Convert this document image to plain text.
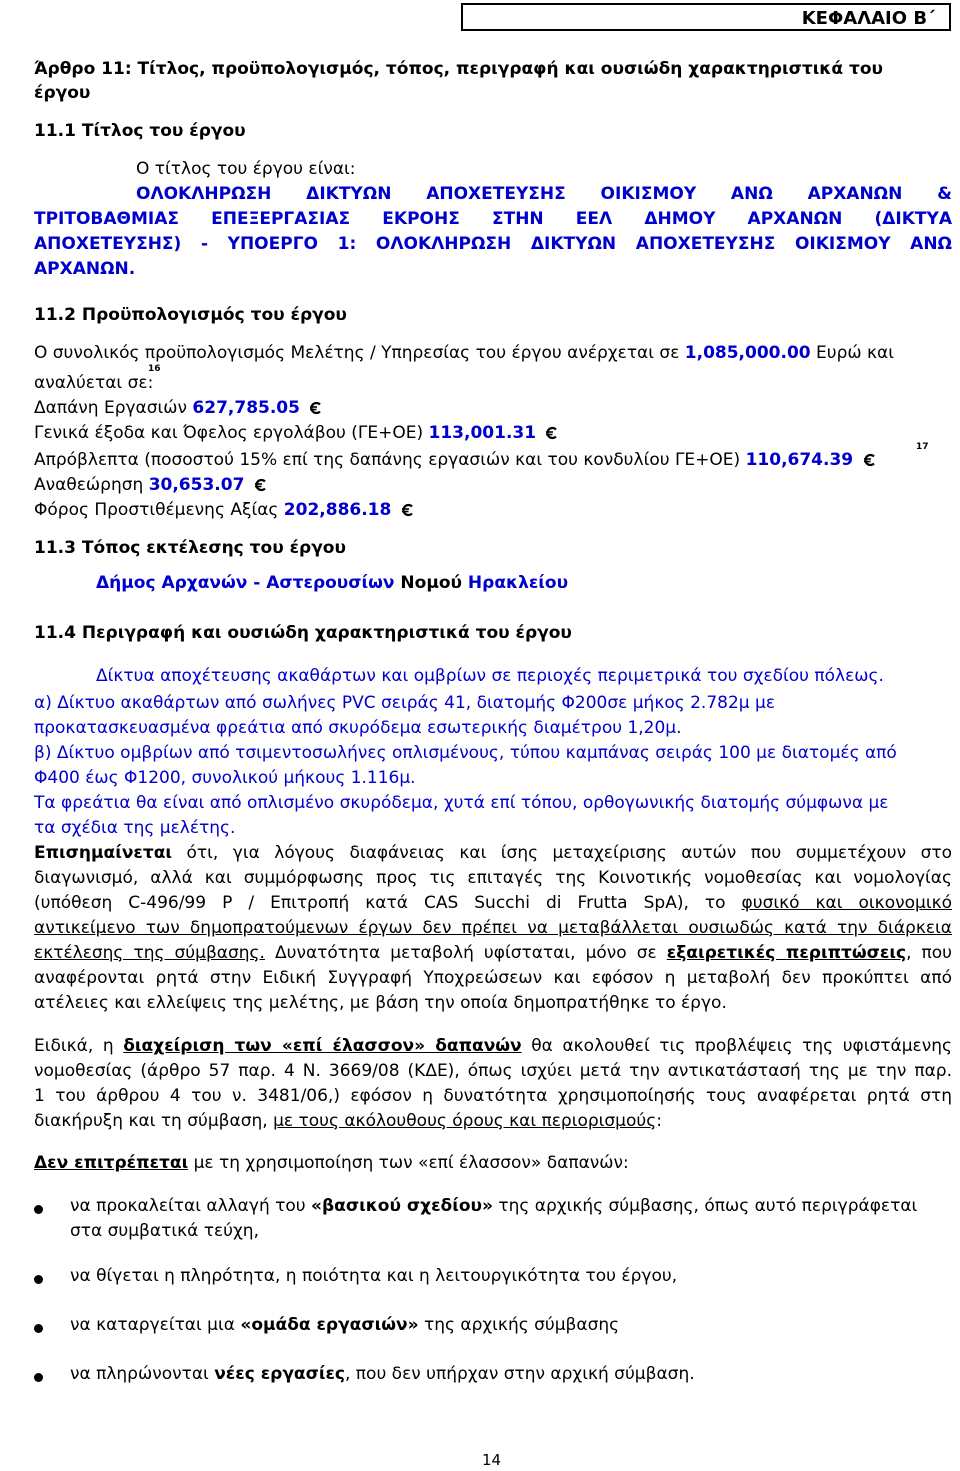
ΚΕΦΑΛΑΙΟ Β΄
Άρθρο 11: Τίτλος, προϋπολογισμός, τόπος, περιγραφή και ουσιώδη χαρακτηριστικά του
έργου
11.1 Τίτλος του έργου
Ο τίτλος του έργου είναι:
ΟΛΟΚΛΗΡΩΣΗ ΔΙΚΤΥΩΝ ΑΠΟΧΕΤΕΥΣΗΣ ΟΙΚΙΣΜΟΥ ΑΝΩ ΑΡΧΑΝΩΝ &
ΤΡΙΤΟΒΑΘΜΙΑΣ ΕΠΕΞΕΡΓΑΣΙΑΣ ΕΚΡΟΗΣ ΣΤΗΝ ΕΕΛ ΔΗΜΟΥ ΑΡΧΑΝΩΝ (ΔΙΚΤΥΑ
ΑΠΟΧΕΤΕΥΣΗΣ) - ΥΠΟΕΡΓΟ 1: ΟΛΟΚΛΗΡΩΣΗ ΔΙΚΤΥΩΝ ΑΠΟΧΕΤΕΥΣΗΣ ΟΙΚΙΣΜΟΥ ΑΝΩ
ΑΡΧΑΝΩΝ.
11.2 Προϋπολογισμός του έργου
Ο συνολικός προϋπολογισμός Μελέτης / Υπηρεσίας του έργου ανέρχεται σε 1,085,000.00 Ευρώ και
αναλύεται σε:
16
Δαπάνη Εργασιών 627,785.05
Γενικά έξοδα και Όφελος εργολάβου (ΓΕ+ΟΕ) 113,001.31
Απρόβλεπτα (ποσοστού 15% επί της δαπάνης εργασιών και του κονδυλίου ΓΕ+ΟΕ) 110,674.39
17
Αναθεώρηση 30,653.07
Φόρος Προστιθέμενης Αξίας 202,886.18
11.3 Τόπος εκτέλεσης του έργου
Δήμος Αρχανών - Αστερουσίων Νομού Ηρακλείου
11.4 Περιγραφή και ουσιώδη χαρακτηριστικά του έργου
Δίκτυα αποχέτευσης ακαθάρτων και ομβρίων σε περιοχές περιμετρικά του σχεδίου πόλεως.
α) Δίκτυο ακαθάρτων από σωλήνες PVC σειράς 41, διατομής Φ200σε μήκος 2.782μ με
προκατασκευασμένα φρεάτια από σκυρόδεμα εσωτερικής διαμέτρου 1,20μ.
β) Δίκτυο ομβρίων από τσιμεντοσωλήνες οπλισμένους, τύπου καμπάνας σειράς 100 με διατομές από
Φ400 έως Φ1200, συνολικού μήκους 1.116μ.
Τα φρεάτια θα είναι από οπλισμένο σκυρόδεμα, χυτά επί τόπου, ορθογωνικής διατομής σύμφωνα με
τα σχέδια της μελέτης.
Επισημαίνεται ότι, για λόγους διαφάνειας και ίσης μεταχείρισης αυτών που συμμετέχουν στο
διαγωνισμό, αλλά και συμμόρφωσης προς τις επιταγές της Κοινοτικής νομοθεσίας και νομολογίας
(υπόθεση C-496/99 P / Επιτροπή κατά CAS Succhi di Frutta SpA), το φυσικό και οικονομικό
αντικείμενο των δημοπρατούμενων έργων δεν πρέπει να μεταβάλλεται ουσιωδώς κατά την διάρκεια
εκτέλεσης της σύμβασης. Δυνατότητα μεταβολή υφίσταται, μόνο σε εξαιρετικές περιπτώσεις, που
αναφέρονται ρητά στην Ειδική Συγγραφή Υποχρεώσεων και εφόσον η μεταβολή δεν προκύπτει από
ατέλειες και ελλείψεις της μελέτης, με βάση την οποία δημοπρατήθηκε το έργο.
Ειδικά, η διαχείριση των «επί έλασσον» δαπανών θα ακολουθεί τις προβλέψεις της υφιστάμενης
νομοθεσίας (άρθρο 57 παρ. 4 Ν. 3669/08 (ΚΔΕ), όπως ισχύει μετά την αντικατάστασή της με την παρ.
1 του άρθρου 4 του ν. 3481/06,) εφόσον η δυνατότητα χρησιμοποίησής τους αναφέρεται ρητά στη
διακήρυξη και τη σύμβαση, με τους ακόλουθους όρους και περιορισμούς:
Δεν επιτρέπεται με τη χρησιμοποίηση των «επί έλασσον» δαπανών:
να προκαλείται αλλαγή του «βασικού σχεδίου» της αρχικής σύμβασης, όπως αυτό περιγράφεται
στα συμβατικά τεύχη,
να θίγεται η πληρότητα, η ποιότητα και η λειτουργικότητα του έργου,
να καταργείται μια «ομάδα εργασιών» της αρχικής σύμβασης
να πληρώνονται νέες εργασίες, που δεν υπήρχαν στην αρχική σύμβαση.
14
